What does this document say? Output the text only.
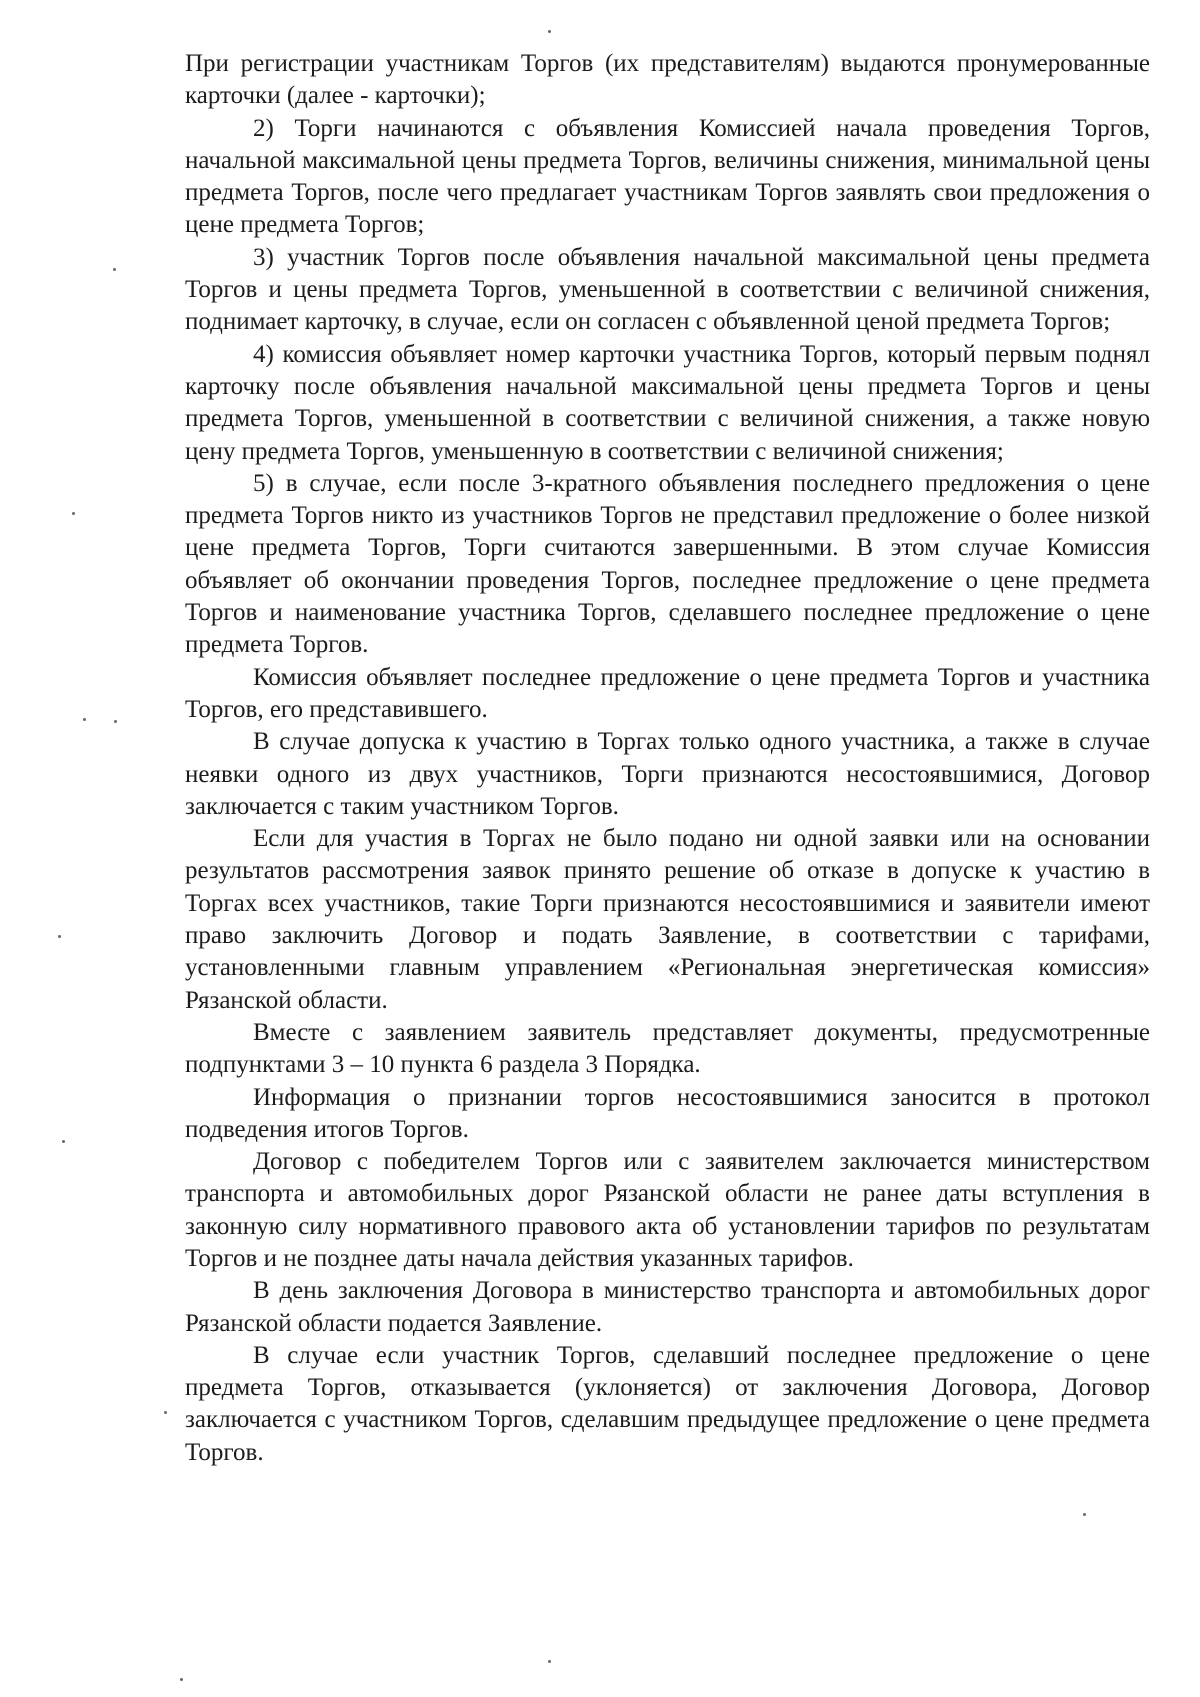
При регистрации участникам Торгов (их представителям) выдаются пронумерованные карточки (далее - карточки);

2) Торги начинаются с объявления Комиссией начала проведения Торгов, начальной максимальной цены предмета Торгов, величины снижения, минимальной цены предмета Торгов, после чего предлагает участникам Торгов заявлять свои предложения о цене предмета Торгов;

3) участник Торгов после объявления начальной максимальной цены предмета Торгов и цены предмета Торгов, уменьшенной в соответствии с величиной снижения, поднимает карточку, в случае, если он согласен с объявленной ценой предмета Торгов;

4) комиссия объявляет номер карточки участника Торгов, который первым поднял карточку после объявления начальной максимальной цены предмета Торгов и цены предмета Торгов, уменьшенной в соответствии с величиной снижения, а также новую цену предмета Торгов, уменьшенную в соответствии с величиной снижения;

5) в случае, если после 3-кратного объявления последнего предложения о цене предмета Торгов никто из участников Торгов не представил предложение о более низкой цене предмета Торгов, Торги считаются завершенными. В этом случае Комиссия объявляет об окончании проведения Торгов, последнее предложение о цене предмета Торгов и наименование участника Торгов, сделавшего последнее предложение о цене предмета Торгов.

Комиссия объявляет последнее предложение о цене предмета Торгов и участника Торгов, его представившего.

В случае допуска к участию в Торгах только одного участника, а также в случае неявки одного из двух участников, Торги признаются несостоявшимися, Договор заключается с таким участником Торгов.

Если для участия в Торгах не было подано ни одной заявки или на основании результатов рассмотрения заявок принято решение об отказе в допуске к участию в Торгах всех участников, такие Торги признаются несостоявшимися и заявители имеют право заключить Договор и подать Заявление, в соответствии с тарифами, установленными главным управлением «Региональная энергетическая комиссия» Рязанской области.

Вместе с заявлением заявитель представляет документы, предусмотренные подпунктами 3 – 10 пункта 6 раздела 3 Порядка.

Информация о признании торгов несостоявшимися заносится в протокол подведения итогов Торгов.

Договор с победителем Торгов или с заявителем заключается министерством транспорта и автомобильных дорог Рязанской области не ранее даты вступления в законную силу нормативного правового акта об установлении тарифов по результатам Торгов и не позднее даты начала действия указанных тарифов.

В день заключения Договора в министерство транспорта и автомобильных дорог Рязанской области подается Заявление.

В случае если участник Торгов, сделавший последнее предложение о цене предмета Торгов, отказывается (уклоняется) от заключения Договора, Договор заключается с участником Торгов, сделавшим предыдущее предложение о цене предмета Торгов.
